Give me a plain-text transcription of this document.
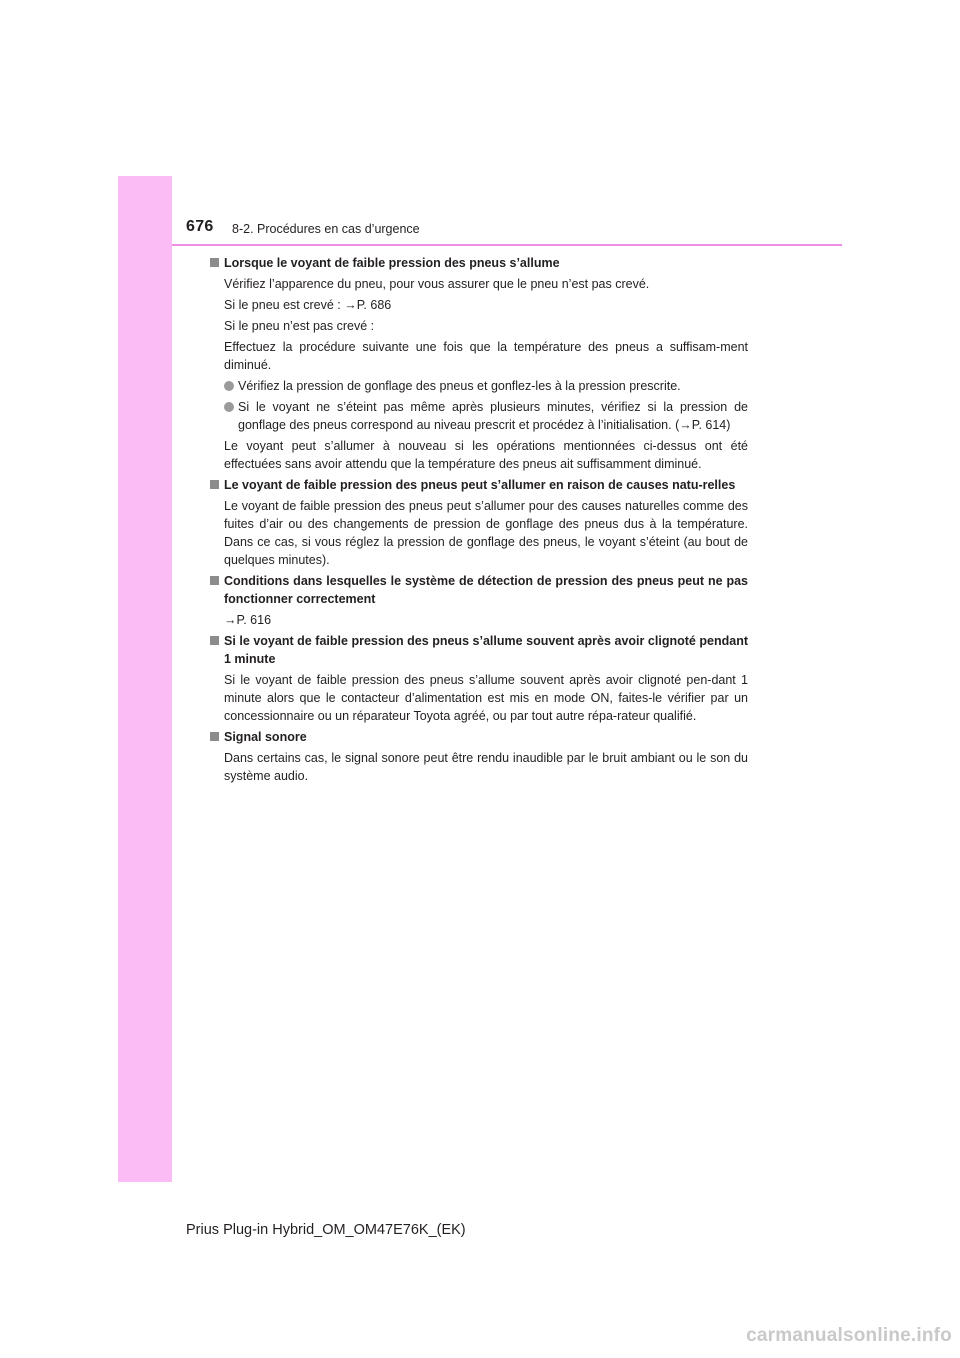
676 8-2. Procédures en cas d’urgence
Lorsque le voyant de faible pression des pneus s’allume
Vérifiez l’apparence du pneu, pour vous assurer que le pneu n’est pas crevé.
Si le pneu est crevé : →P. 686
Si le pneu n’est pas crevé :
Effectuez la procédure suivante une fois que la température des pneus a suffisam-ment diminué.
Vérifiez la pression de gonflage des pneus et gonflez-les à la pression prescrite.
Si le voyant ne s’éteint pas même après plusieurs minutes, vérifiez si la pression de gonflage des pneus correspond au niveau prescrit et procédez à l’initialisation. (→P. 614)
Le voyant peut s’allumer à nouveau si les opérations mentionnées ci-dessus ont été effectuées sans avoir attendu que la température des pneus ait suffisamment diminué.
Le voyant de faible pression des pneus peut s’allumer en raison de causes natu-relles
Le voyant de faible pression des pneus peut s’allumer pour des causes naturelles comme des fuites d’air ou des changements de pression de gonflage des pneus dus à la température. Dans ce cas, si vous réglez la pression de gonflage des pneus, le voyant s’éteint (au bout de quelques minutes).
Conditions dans lesquelles le système de détection de pression des pneus peut ne pas fonctionner correctement
→P. 616
Si le voyant de faible pression des pneus s’allume souvent après avoir clignoté pendant 1 minute
Si le voyant de faible pression des pneus s’allume souvent après avoir clignoté pen-dant 1 minute alors que le contacteur d’alimentation est mis en mode ON, faites-le vérifier par un concessionnaire ou un réparateur Toyota agréé, ou par tout autre répa-rateur qualifié.
Signal sonore
Dans certains cas, le signal sonore peut être rendu inaudible par le bruit ambiant ou le son du système audio.
Prius Plug-in Hybrid_OM_OM47E76K_(EK)
carmanualsonline.info
